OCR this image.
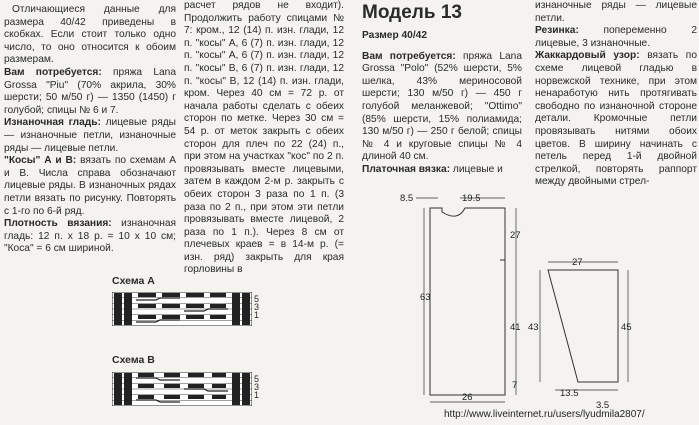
Отличающиеся данные для размера 40/42 приведены в скобках. Если стоит только одно число, то оно относится к обоим размерам.

Вам потребуется: пряжа Lana Grossa "Piu" (70% акрила, 30% шерсти; 50 м/50 г) — 1350 (1450) г голубой; спицы № 6 и 7.

Изнаночная гладь: лицевые ряды — изнаночные петли, изнаночные ряды — лицевые петли.

"Косы" А и В: вязать по схемам А и В. Числа справа обозначают лицевые ряды. В изнаночных рядах петли вязать по рисунку. Повторять с 1-го по 6-й ряд.

Плотность вязания: изнаночная гладь: 12 п. х 18 р. = 10 х 10 см; "Коса" = 6 см шириной.

Схема А
5
3
1
Схема В
5
3
1

расчет рядов не входит). Продолжить работу спицами № 7: кром., 12 (14) п. изн. глади, 12 п. "косы" А, 6 (7) п. изн. глади, 12 п. "косы" А, 6 (7) п. изн. глади, 12 п. "косы" В, 6 (7) п. изн. глади, 12 п. "косы" В, 12 (14) п. изн. глади, кром. Через 40 см = 72 р. от начала работы сделать с обеих сторон по метке. Через 30 см = 54 р. от меток закрыть с обеих сторон для плеч по 22 (24) п., при этом на участках "кос" по 2 п. провязывать вместе лицевыми, затем в каждом 2-м р. закрыть с обеих сторон 3 раза по 1 п. (3 раза по 2 п., при этом эти петли провязывать вместе лицевой, 2 раза по 1 п.). Через 8 см от плечевых краев = в 14-м р. (= изн. ряд) закрыть для края горловины в

Модель 13

Размер 40/42

Вам потребуется: пряжа Lana Grossa "Polo" (52% шерсти, 5% шелка, 43% мериносовой шерсти; 130 м/50 г) — 450 г голубой меланжевой; "Ottimo" (85% шерсти, 15% полиамида; 130 м/50 г) — 250 г белой; спицы № 4 и круговые спицы № 4 длиной 40 см.

Платочная вязка: лицевые и

изнаночные ряды — лицевые петли.

Резинка: попеременно 2 лицевые, 3 изнаночные.

Жаккардовый узор: вязать по схеме лицевой гладью в норвежской технике, при этом ненаработую нить протягивать свободно по изнаночной стороне детали. Кромочные петли провязывать нитями обоих цветов. В ширину начинать с петель перед 1-й двойной стрелкой, повторять раппорт между двойными стрел-

8.5	19.5
27
63
41
26
27
43	45
13.5
3.5
7
http://www.liveinternet.ru/users/lyudmila2807/
